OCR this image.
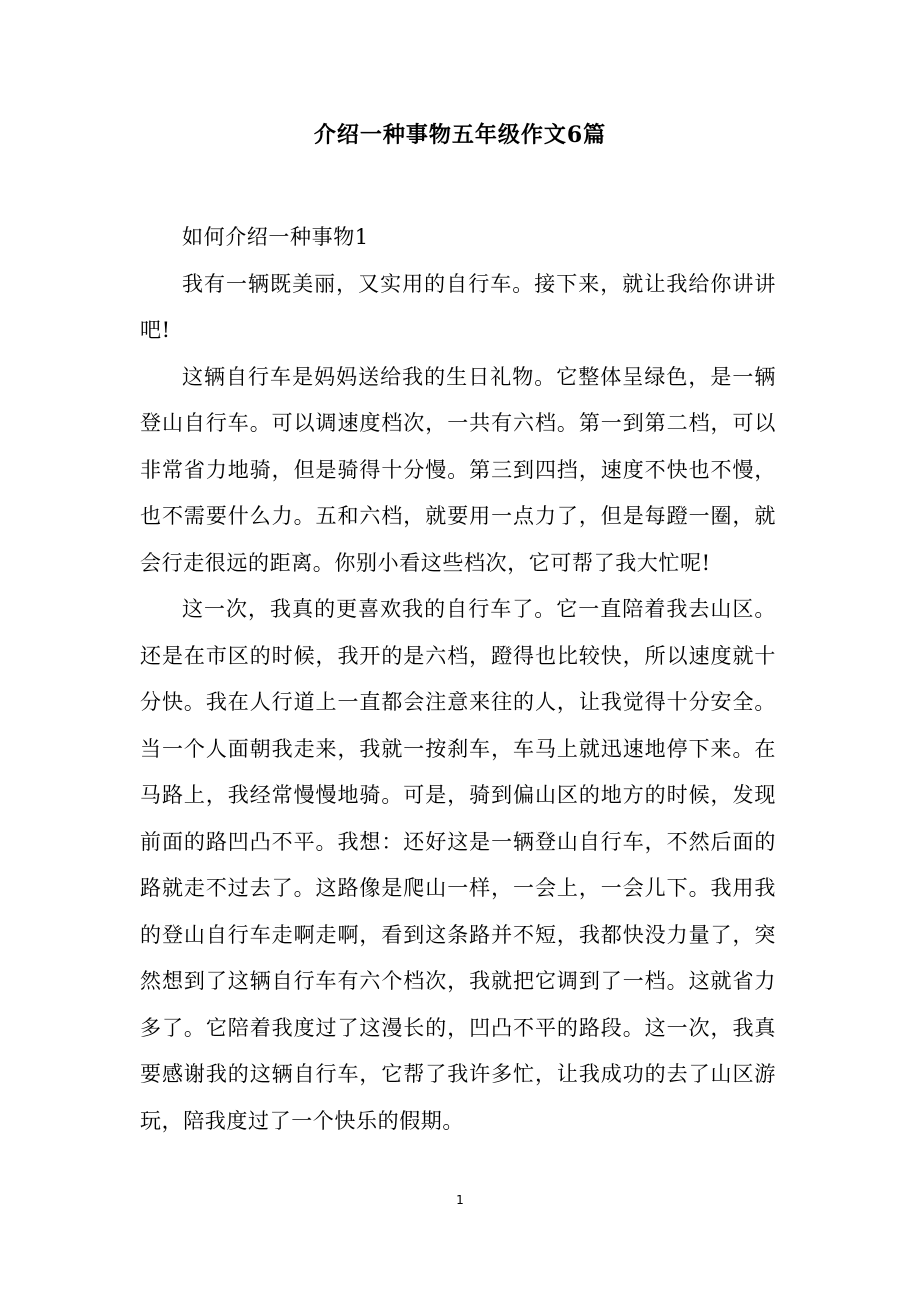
介绍一种事物五年级作文6篇

如何介绍一种事物1

我有一辆既美丽，又实用的自行车。接下来，就让我给你讲讲吧!

这辆自行车是妈妈送给我的生日礼物。它整体呈绿色，是一辆登山自行车。可以调速度档次，一共有六档。第一到第二档，可以非常省力地骑，但是骑得十分慢。第三到四挡，速度不快也不慢，也不需要什么力。五和六档，就要用一点力了，但是每蹬一圈，就会行走很远的距离。你别小看这些档次，它可帮了我大忙呢!

这一次，我真的更喜欢我的自行车了。它一直陪着我去山区。还是在市区的时候，我开的是六档，蹬得也比较快，所以速度就十分快。我在人行道上一直都会注意来往的人，让我觉得十分安全。当一个人面朝我走来，我就一按刹车，车马上就迅速地停下来。在马路上，我经常慢慢地骑。可是，骑到偏山区的地方的时候，发现前面的路凹凸不平。我想：还好这是一辆登山自行车，不然后面的路就走不过去了。这路像是爬山一样，一会上，一会儿下。我用我的登山自行车走啊走啊，看到这条路并不短，我都快没力量了，突然想到了这辆自行车有六个档次，我就把它调到了一档。这就省力多了。它陪着我度过了这漫长的，凹凸不平的路段。这一次，我真要感谢我的这辆自行车，它帮了我许多忙，让我成功的去了山区游玩，陪我度过了一个快乐的假期。

1
